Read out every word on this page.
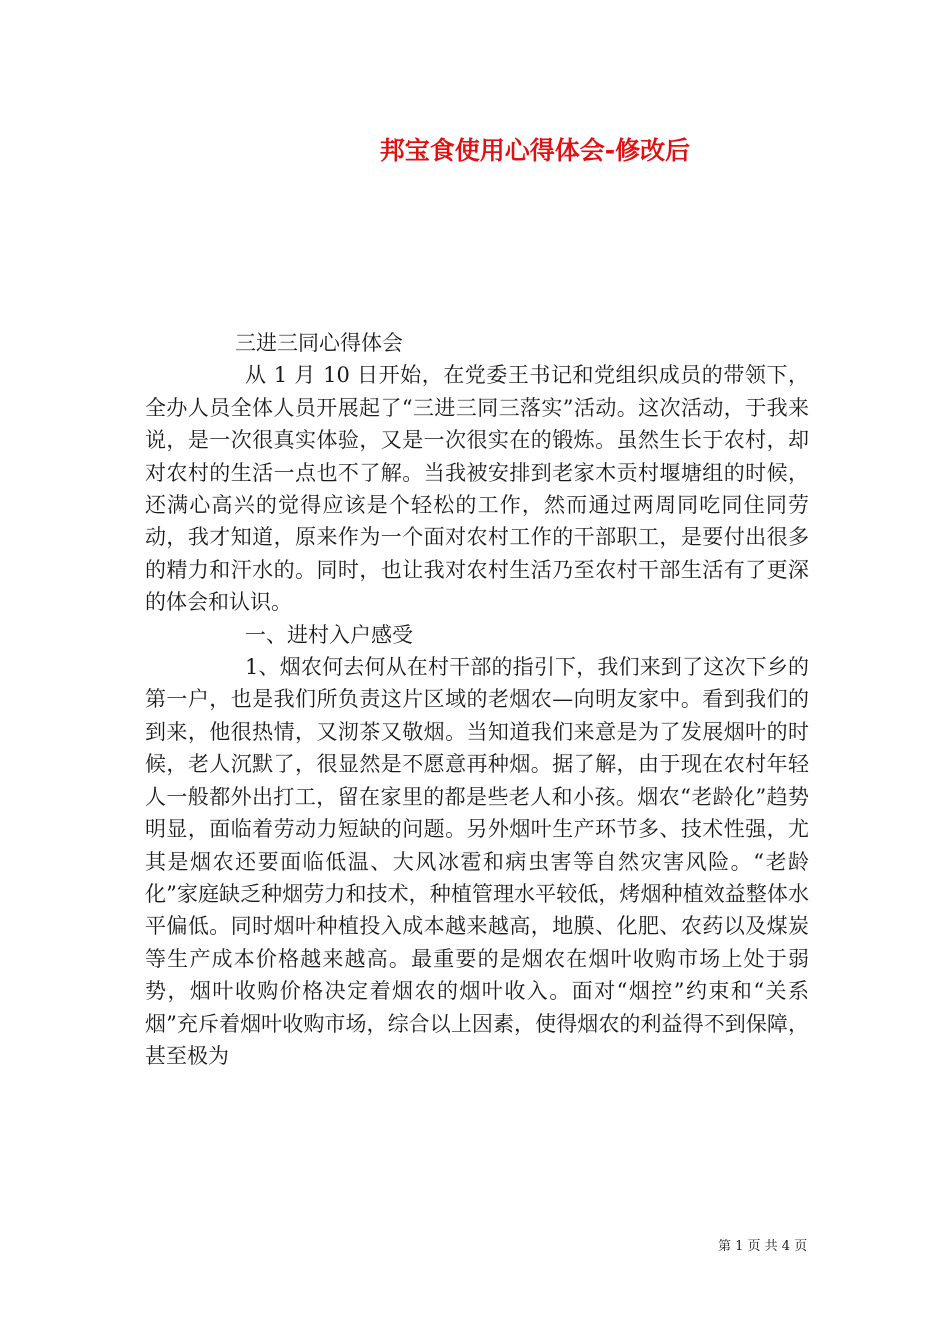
邦宝食使用心得体会-修改后

三进三同心得体会

从 1 月 10 日开始，在党委王书记和党组织成员的带领下，全办人员全体人员开展起了“三进三同三落实”活动。这次活动，于我来说，是一次很真实体验，又是一次很实在的锻炼。虽然生长于农村，却对农村的生活一点也不了解。当我被安排到老家木贡村堰塘组的时候，还满心高兴的觉得应该是个轻松的工作，然而通过两周同吃同住同劳动，我才知道，原来作为一个面对农村工作的干部职工，是要付出很多的精力和汗水的。同时，也让我对农村生活乃至农村干部生活有了更深的体会和认识。

一、进村入户感受

1、烟农何去何从在村干部的指引下，我们来到了这次下乡的第一户，也是我们所负责这片区域的老烟农—向明友家中。看到我们的到来，他很热情，又沏茶又敬烟。当知道我们来意是为了发展烟叶的时候，老人沉默了，很显然是不愿意再种烟。据了解，由于现在农村年轻人一般都外出打工，留在家里的都是些老人和小孩。烟农“老龄化”趋势明显，面临着劳动力短缺的问题。另外烟叶生产环节多、技术性强，尤其是烟农还要面临低温、大风冰雹和病虫害等自然灾害风险。“老龄化”家庭缺乏种烟劳力和技术，种植管理水平较低，烤烟种植效益整体水平偏低。同时烟叶种植投入成本越来越高，地膜、化肥、农药以及煤炭等生产成本价格越来越高。最重要的是烟农在烟叶收购市场上处于弱势，烟叶收购价格决定着烟农的烟叶收入。面对“烟控”约束和“关系烟”充斥着烟叶收购市场，综合以上因素，使得烟农的利益得不到保障，甚至极为

第 1 页 共 4 页
